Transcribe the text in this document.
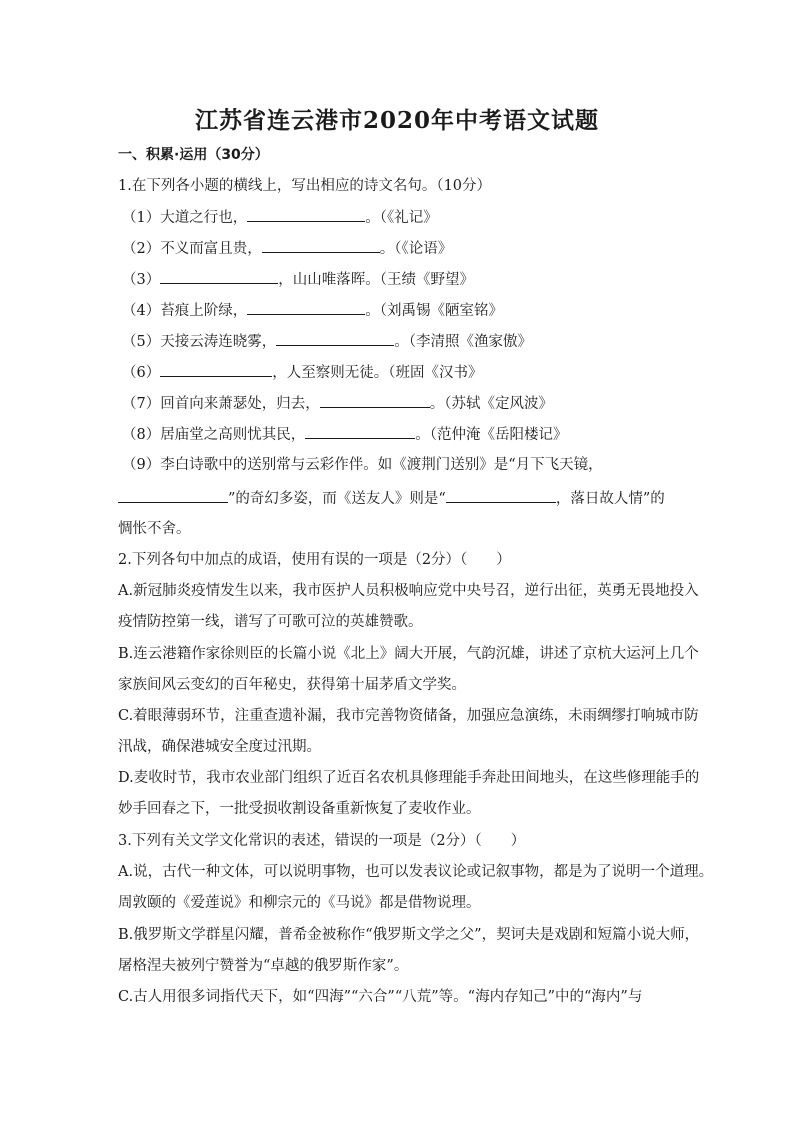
江苏省连云港市2020年中考语文试题
一、积累·运用（30分）
1.在下列各小题的横线上，写出相应的诗文名句。（10分）
（1）大道之行也，	。（《礼记》
（2）不义而富且贵，	。（《论语》
（3）	，山山唯落晖。（王绩《野望》
（4）苔痕上阶绿，	。（刘禹锡《陋室铭》
（5）天接云涛连晓雾，	。（李清照《渔家傲》
（6）	，人至察则无徒。（班固《汉书》
（7）回首向来萧瑟处，归去，	。（苏轼《定风波》
（8）居庙堂之高则忧其民，	。（范仲淹《岳阳楼记》
（9）李白诗歌中的送别常与云彩作伴。如《渡荆门送别》是“月下飞天镜，
”的奇幻多姿，而《送友人》则是“	，落日故人情”的
惆怅不舍。
2.下列各句中加点的成语，使用有误的一项是（2分）（　　）
A.新冠肺炎疫情发生以来，我市医护人员积极响应党中央号召，逆行出征，英勇无畏地投入
疫情防控第一线，谱写了可歌可泣的英雄赞歌。
B.连云港籍作家徐则臣的长篇小说《北上》阔大开展，气韵沉雄，讲述了京杭大运河上几个
家族间风云变幻的百年秘史，获得第十届茅盾文学奖。
C.着眼薄弱环节，注重查遗补漏，我市完善物资储备，加强应急演练，未雨绸缪打响城市防
汛战，确保港城安全度过汛期。
D.麦收时节，我市农业部门组织了近百名农机具修理能手奔赴田间地头，在这些修理能手的
妙手回春之下，一批受损收割设备重新恢复了麦收作业。
3.下列有关文学文化常识的表述，错误的一项是（2分）（　　）
A.说，古代一种文体，可以说明事物，也可以发表议论或记叙事物，都是为了说明一个道理。
周敦颐的《爱莲说》和柳宗元的《马说》都是借物说理。
B.俄罗斯文学群星闪耀，普希金被称作“俄罗斯文学之父”，契诃夫是戏剧和短篇小说大师，
屠格涅夫被列宁赞誉为“卓越的俄罗斯作家”。
C.古人用很多词指代天下，如“四海”“六合”“八荒”等。“海内存知己”中的“海内”与
